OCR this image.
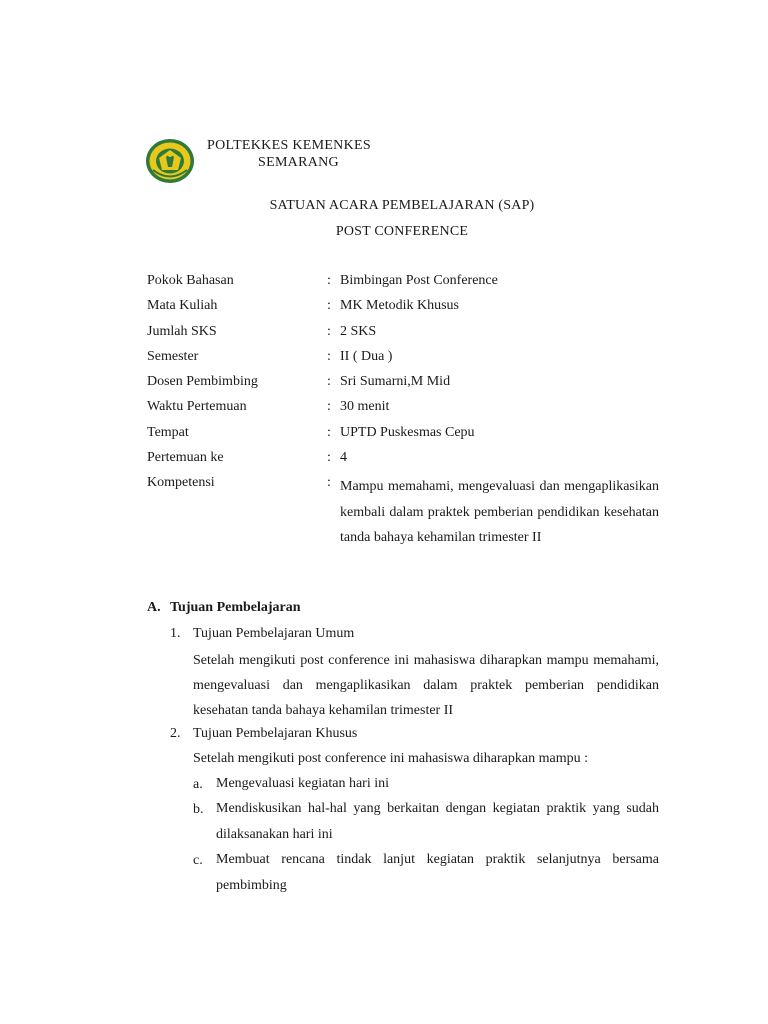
POLTEKKES KEMENKES
SEMARANG
SATUAN ACARA PEMBELAJARAN (SAP)
POST CONFERENCE
Pokok Bahasan	: Bimbingan Post Conference
Mata Kuliah	: MK Metodik Khusus
Jumlah SKS	: 2 SKS
Semester	: II ( Dua )
Dosen Pembimbing	: Sri Sumarni,M Mid
Waktu Pertemuan	: 30 menit
Tempat	: UPTD Puskesmas Cepu
Pertemuan ke	: 4
Kompetensi	: Mampu memahami, mengevaluasi dan mengaplikasikan kembali dalam praktek pemberian pendidikan kesehatan tanda bahaya kehamilan trimester II
A. Tujuan Pembelajaran
1. Tujuan Pembelajaran Umum
Setelah mengikuti post conference ini mahasiswa diharapkan mampu memahami, mengevaluasi dan mengaplikasikan dalam praktek pemberian pendidikan kesehatan tanda bahaya kehamilan trimester II
2. Tujuan Pembelajaran Khusus
Setelah mengikuti post conference ini mahasiswa diharapkan mampu :
a. Mengevaluasi kegiatan hari ini
b. Mendiskusikan hal-hal yang berkaitan dengan kegiatan praktik yang sudah dilaksanakan hari ini
c. Membuat rencana tindak lanjut kegiatan praktik selanjutnya bersama pembimbing
